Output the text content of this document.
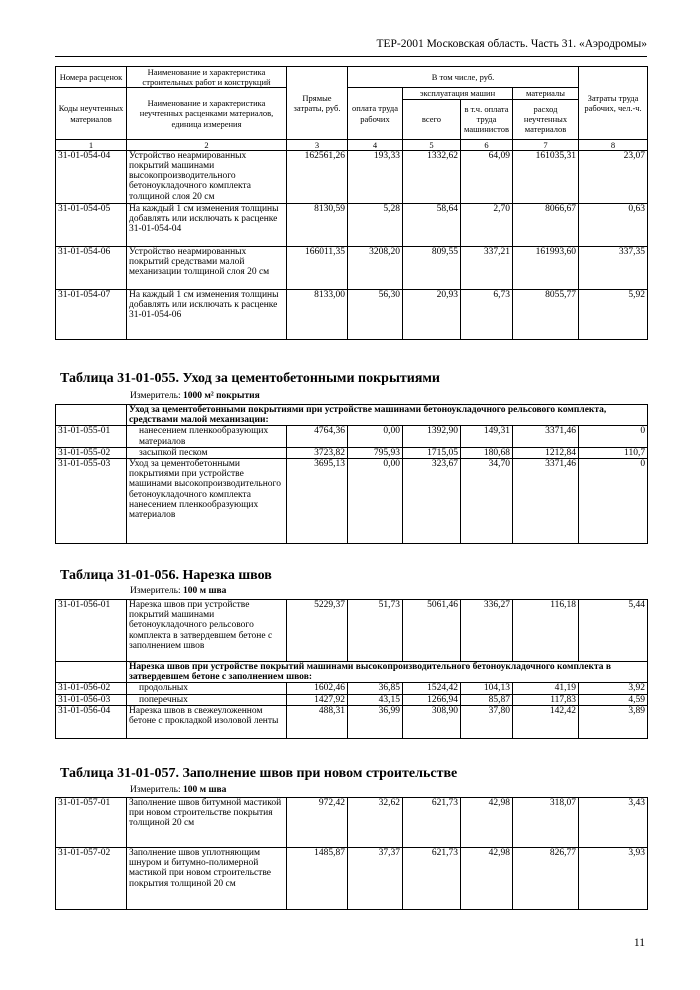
ТЕР-2001 Московская область. Часть 31. «Аэродромы»
Номера расценок	Наименование и характеристика строительных работ и конструкций	Прямые затраты, руб.	В том числе, руб.				Затраты труда рабочих, чел.-ч.
Коды неучтенных материалов	Наименование и характеристика неучтенных расценками материалов, единица измерения		оплата труда рабочих	эксплуатация машин		материалы	
				всего	в т.ч. оплата труда машинистов	расход неучтенных материалов	
1	2	3	4	5	6	7	8
31-01-054-04	Устройство неармированных покрытий машинами высокопроизводительного бетоноукладочного комплекта толщиной слоя 20 см	162561,26	193,33	1332,62	64,09	161035,31	23,07
31-01-054-05	На каждый 1 см изменения толщины добавлять или исключать к расценке 31-01-054-04	8130,59	5,28	58,64	2,70	8066,67	0,63
31-01-054-06	Устройство неармированных покрытий средствами малой механизации толщиной слоя 20 см	166011,35	3208,20	809,55	337,21	161993,60	337,35
31-01-054-07	На каждый 1 см изменения толщины добавлять или исключать к расценке 31-01-054-06	8133,00	56,30	20,93	6,73	8055,77	5,92
Таблица 31-01-055. Уход за цементобетонными покрытиями
Измеритель: 1000 м² покрытия
	Уход за цементобетонными покрытиями при устройстве машинами бетоноукладочного рельсового комплекта, средствами малой механизации:						
31-01-055-01	нанесением пленкообразующих материалов	4764,36	0,00	1392,90	149,31	3371,46	0
31-01-055-02	засыпкой песком	3723,82	795,93	1715,05	180,68	1212,84	110,7
31-01-055-03	Уход за цементобетонными покрытиями при устройстве машинами высокопроизводительного бетоноукладочного комплекта нанесением пленкообразующих материалов	3695,13	0,00	323,67	34,70	3371,46	0
Таблица 31-01-056. Нарезка швов
Измеритель: 100 м шва
31-01-056-01	Нарезка швов при устройстве покрытий машинами бетоноукладочного рельсового комплекта в затвердевшем бетоне с заполнением швов	5229,37	51,73	5061,46	336,27	116,18	5,44
	Нарезка швов при устройстве покрытий машинами высокопроизводительного бетоноукладочного комплекта в затвердевшем бетоне с заполнением швов:						
31-01-056-02	продольных	1602,46	36,85	1524,42	104,13	41,19	3,92
31-01-056-03	поперечных	1427,92	43,15	1266,94	85,87	117,83	4,59
31-01-056-04	Нарезка швов в свежеуложенном бетоне с прокладкой изоловой ленты	488,31	36,99	308,90	37,80	142,42	3,89
Таблица 31-01-057. Заполнение швов при новом строительстве
Измеритель: 100 м шва
31-01-057-01	Заполнение швов битумной мастикой при новом строительстве покрытия толщиной 20 см	972,42	32,62	621,73	42,98	318,07	3,43
31-01-057-02	Заполнение швов уплотняющим шнуром и битумно-полимерной мастикой при новом строительстве покрытия толщиной 20 см	1485,87	37,37	621,73	42,98	826,77	3,93
11
